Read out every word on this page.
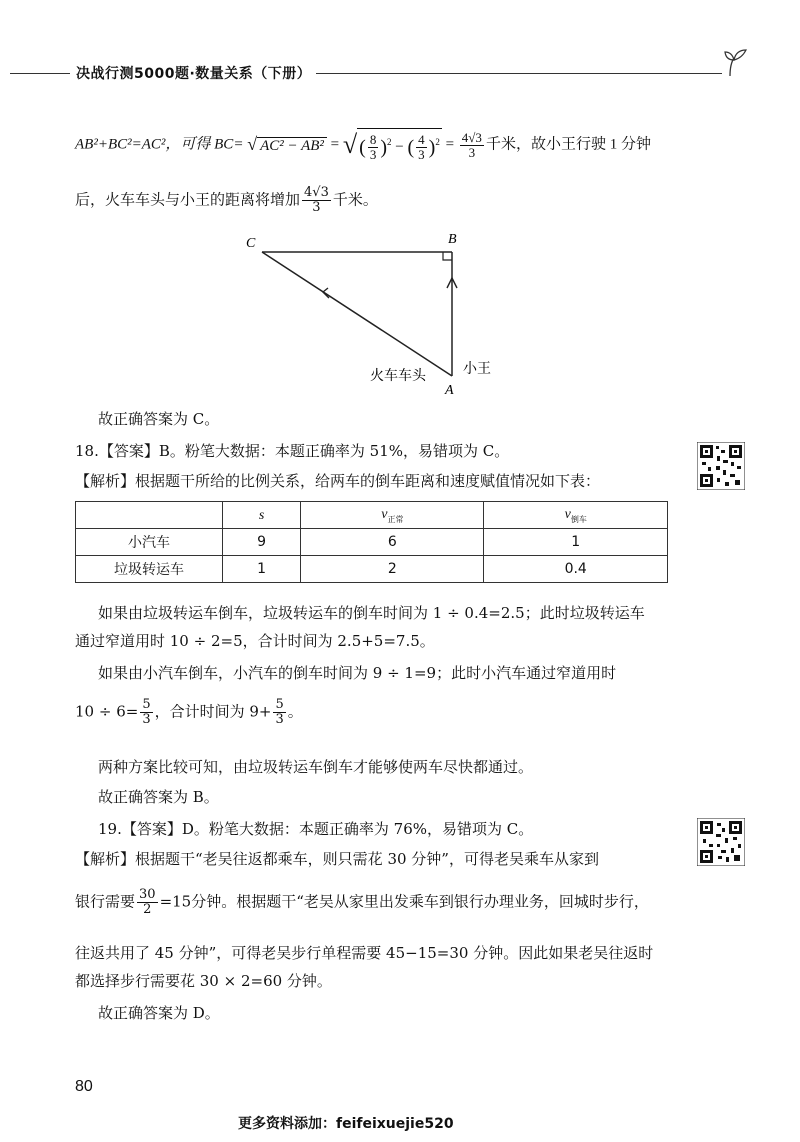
决战行测5000题·数量关系（下册）
AB²+BC²=AC²，可得 BC= √ AC² − AB² = √ ( $\frac{8}{3} )^2$ − ( $\frac{4}{3} )^2 = \frac{4√3}{3}$ 千米，故小王行驶 1 分钟
后，火车车头与小王的距离将增加 $\frac{4√3}{3}$ 千米。
C	B
A
火车车头	小王
故正确答案为 C。
18.【答案】B。粉笔大数据：本题正确率为 51%，易错项为 C。
【解析】根据题干所给的比例关系，给两车的倒车距离和速度赋值情况如下表：
	s	$v_{正常}$	$v_{倒车}$
小汽车	9	6	1
垃圾转运车	1	2	0.4
如果由垃圾转运车倒车，垃圾转运车的倒车时间为 1 ÷ 0.4=2.5；此时垃圾转运车
通过窄道用时 10 ÷ 2=5，合计时间为 2.5+5=7.5。
如果由小汽车倒车，小汽车的倒车时间为 9 ÷ 1=9；此时小汽车通过窄道用时
$10 \div 6= \frac{5}{3}$ ，合计时间为 $9+ \frac{5}{3}$ 。
两种方案比较可知，由垃圾转运车倒车才能够使两车尽快都通过。
故正确答案为 B。
19.【答案】D。粉笔大数据：本题正确率为 76%，易错项为 C。
【解析】根据题干“老吴往返都乘车，则只需花 30 分钟”，可得老吴乘车从家到
银行需要 $\frac{30}{2} =15$分钟。根据题干“老吴从家里出发乘车到银行办理业务，回城时步行，
往返共用了 45 分钟”，可得老吴步行单程需要 45−15=30 分钟。因此如果老吴往返时
都选择步行需要花 30 × 2=60 分钟。
故正确答案为 D。
80
更多资料添加：feifeixuejie520
